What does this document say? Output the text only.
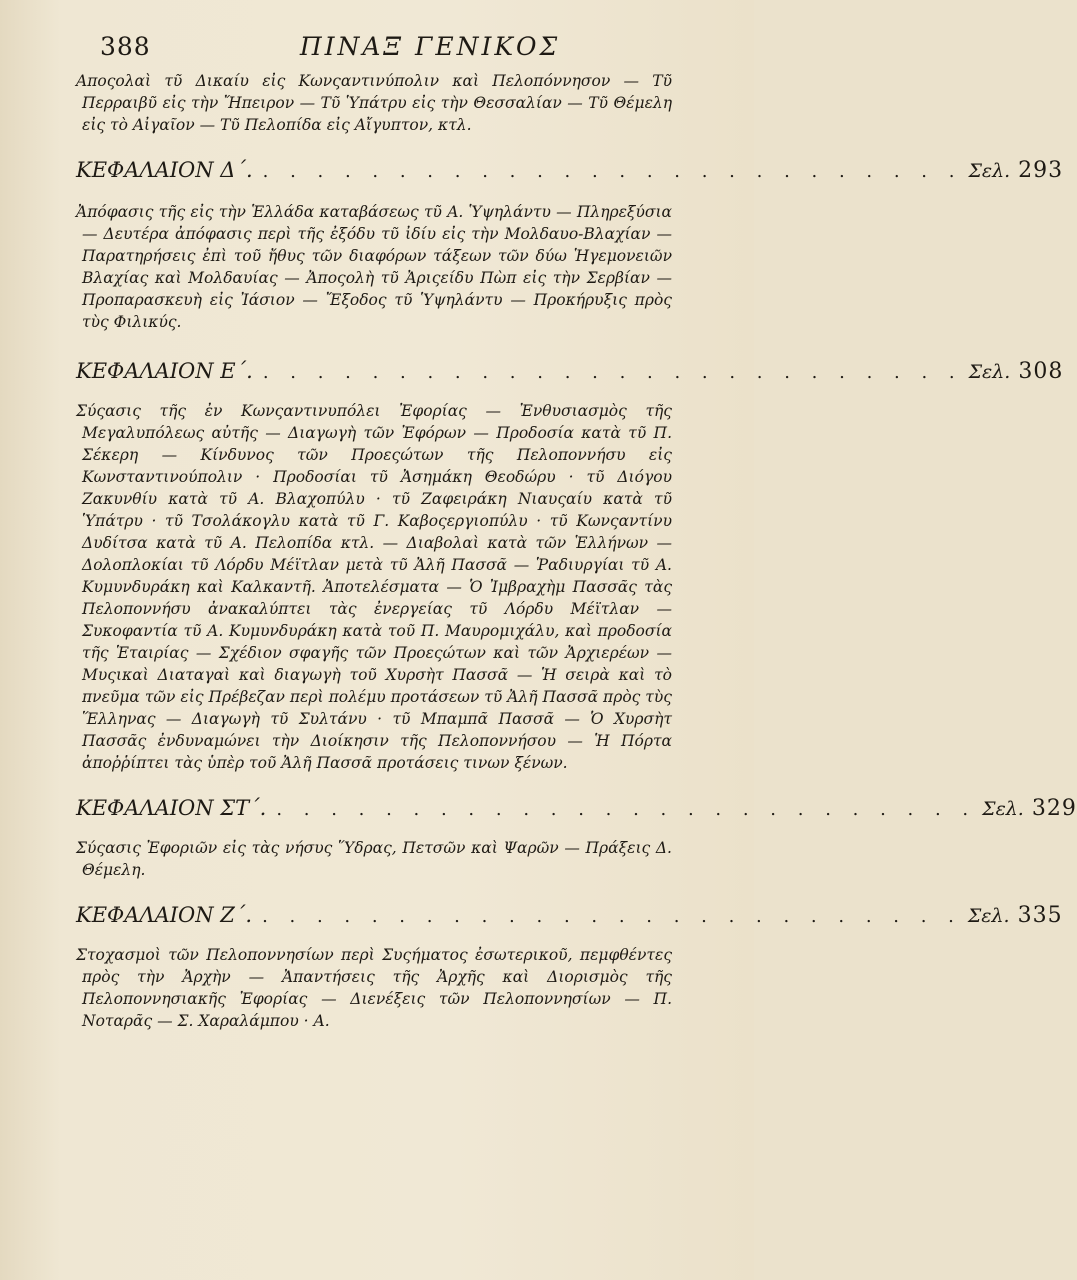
388	ΠΙΝΑΞ ΓΕΝΙΚΟΣ

Αποςολαὶ τῦ Δικαίυ εἰς Κωνςαντινύπολιν καὶ Πελοπόννησον — Τῦ Περραιβῦ εἰς τὴν Ἤπειρον — Τῦ Ὑπάτρυ εἰς τὴν Θεσσαλίαν — Τῦ Θέμελη εἰς τὸ Αἰγαῖον — Τῦ Πελοπίδα εἰς Αἴγυπτον, κτλ.

ΚΕΦΑΛΑΙΟΝ Δ΄. . . . . . . . . . . . . . . . . . . . . . . . . . . Σελ. 293

Ἀπόφασις τῆς εἰς τὴν Ἑλλάδα καταβάσεως τῦ Α. Ὑψηλάντυ — Πληρεξύσια — Δευτέρα ἀπόφασις περὶ τῆς ἐξόδυ τῦ ἰδίυ εἰς τὴν Μολδαυο-Βλαχίαν — Παρατηρήσεις ἐπὶ τοῦ ἤθυς τῶν διαφόρων τάξεων τῶν δύω Ἡγεμονειῶν Βλαχίας καὶ Μολδαυίας — Ἀποςολὴ τῦ Ἀριςείδυ Πὼπ εἰς τὴν Σερβίαν — Προπαρασκευὴ εἰς Ἰάσιον — Ἔξοδος τῦ Ὑψηλάντυ — Προκήρυξις πρὸς τὺς Φιλικύς.

ΚΕΦΑΛΑΙΟΝ Ε΄. . . . . . . . . . . . . . . . . . . . . . . . . . . Σελ. 308

Σύςασις τῆς ἐν Κωνςαντινυπόλει Ἐφορίας — Ἐνθυσιασμὸς τῆς Μεγαλυπόλεως αὐτῆς — Διαγωγὴ τῶν Ἐφόρων — Προδοσία κατὰ τῦ Π. Σέκερη — Κίνδυνος τῶν Προεςώτων τῆς Πελοποννήσυ εἰς Κωνσταντινούπολιν · Προδοσίαι τῦ Ἀσημάκη Θεοδώρυ · τῦ Διόγου Ζακυνθίυ κατὰ τῦ Α. Βλαχοπύλυ · τῦ Ζαφειράκη Νιαυςαίυ κατὰ τῦ Ὑπάτρυ · τῦ Τσολάκογλυ κατὰ τῦ Γ. Καβοςεργιοπύλυ · τῦ Κωνςαντίνυ Δυδίτσα κατὰ τῦ Α. Πελοπίδα κτλ. — Διαβολαὶ κατὰ τῶν Ἑλλήνων — Δολοπλοκίαι τῦ Λόρδυ Μέϊτλαν μετὰ τῦ Ἀλῆ Πασσᾶ — Ῥαδιυργίαι τῦ Α. Κυμυνδυράκη καὶ Καλκαντῆ. Ἀποτελέσματα — Ὁ Ἰμβραχὴμ Πασσᾶς τὰς Πελοποννήσυ ἀνακαλύπτει τὰς ἐνεργείας τῦ Λόρδυ Μέϊτλαν — Συκοφαντία τῦ Α. Κυμυνδυράκη κατὰ τοῦ Π. Μαυρομιχάλυ, καὶ προδοσία τῆς Ἑταιρίας — Σχέδιον σφαγῆς τῶν Προεςώτων καὶ τῶν Ἀρχιερέων — Μυςικαὶ Διαταγαὶ καὶ διαγωγὴ τοῦ Χυρσὴτ Πασσᾶ — Ἡ σειρὰ καὶ τὸ πνεῦμα τῶν εἰς Πρέβεζαν περὶ πολέμυ προτάσεων τῦ Ἀλῆ Πασσᾶ πρὸς τὺς Ἕλληνας — Διαγωγὴ τῦ Συλτάνυ · τῦ Μπαμπᾶ Πασσᾶ — Ὁ Χυρσὴτ Πασσᾶς ἐνδυναμώνει τὴν Διοίκησιν τῆς Πελοποννήσου — Ἡ Πόρτα ἀποῤῥίπτει τὰς ὑπὲρ τοῦ Ἀλῆ Πασσᾶ προτάσεις τινων ξένων.

ΚΕΦΑΛΑΙΟΝ ΣΤ΄. . . . . . . . . . . . . . . . . . . . . . . . . . . Σελ. 329

Σύςασις Ἐφοριῶν εἰς τὰς νήσυς Ὕδρας, Πετσῶν καὶ Ψαρῶν — Πράξεις Δ. Θέμελη.

ΚΕΦΑΛΑΙΟΝ Ζ΄. . . . . . . . . . . . . . . . . . . . . . . . . . . Σελ. 335

Στοχασμοὶ τῶν Πελοποννησίων περὶ Συςήματος ἐσωτερικοῦ, πεμφθέντες πρὸς τὴν Ἀρχὴν — Ἀπαντήσεις τῆς Ἀρχῆς καὶ Διορισμὸς τῆς Πελοποννησιακῆς Ἐφορίας — Διενέξεις τῶν Πελοποννησίων — Π. Νοταρᾶς — Σ. Χαραλάμπου · Α.
